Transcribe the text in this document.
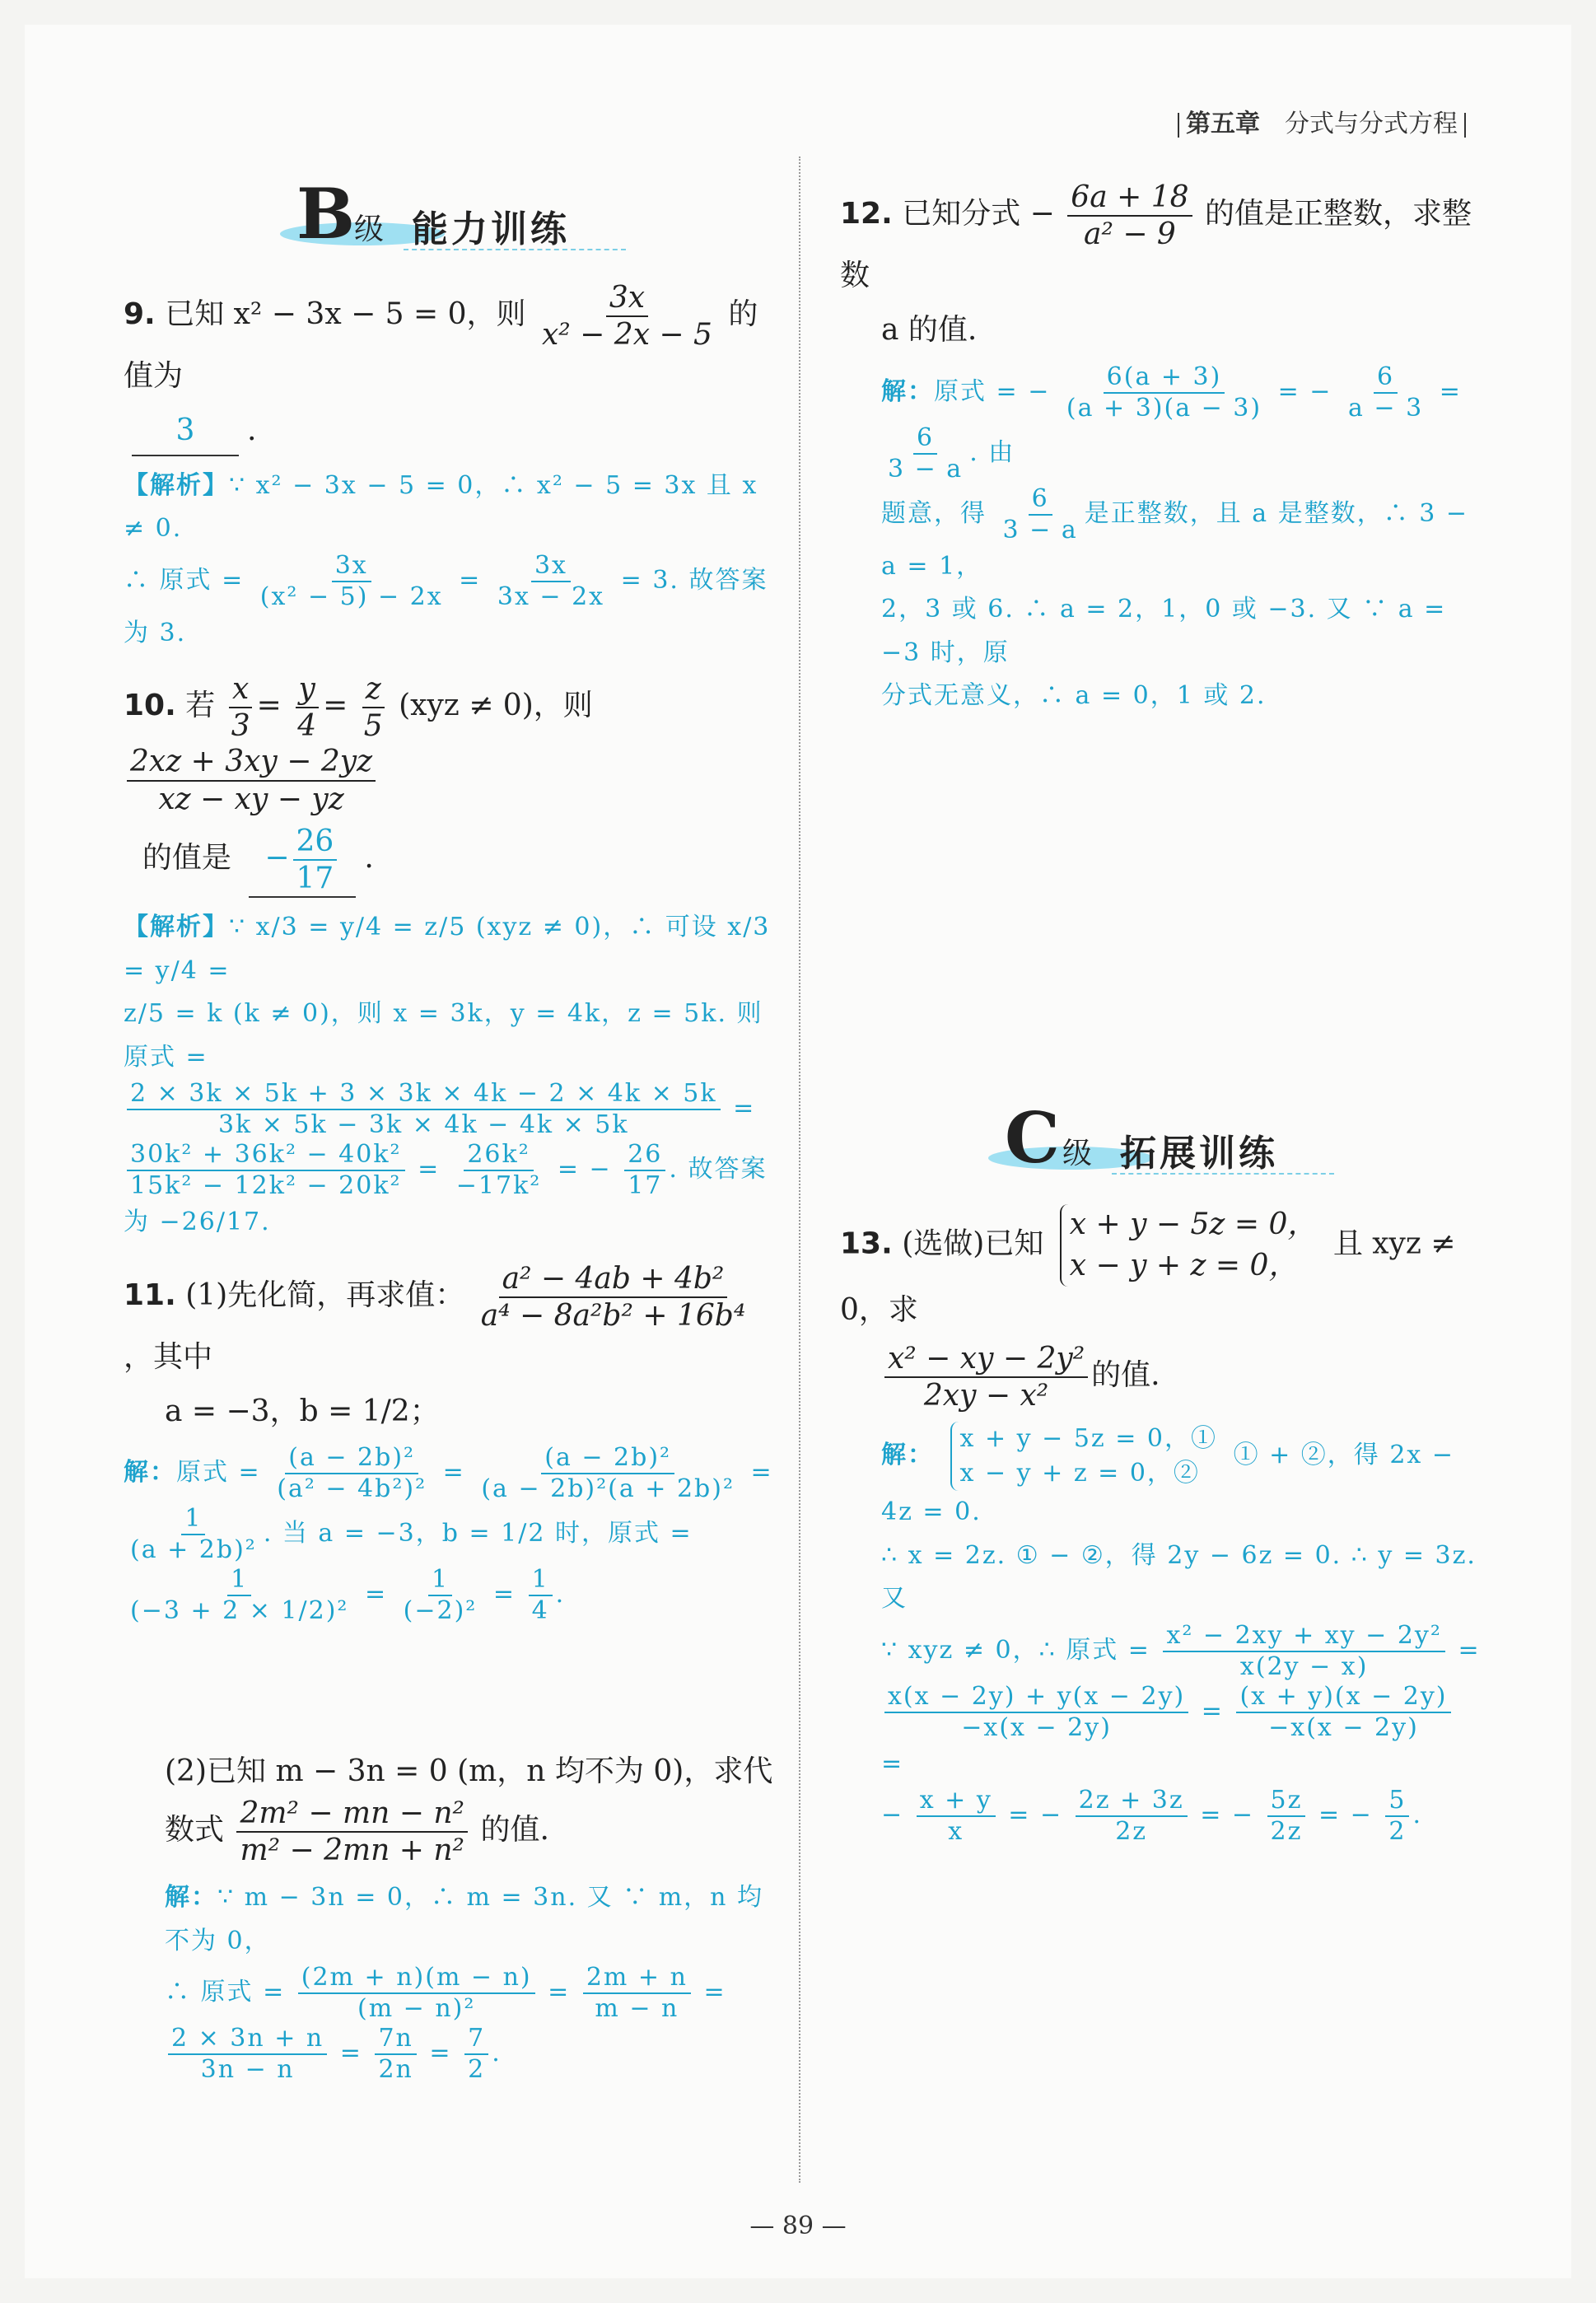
第五章 分式与分式方程
B 级 能力训练
9. 已知 x² − 3x − 5 = 0，则 $\frac{3x}{\text{x² − 2x − 5}}$ 的值为
3 .
【解析】∵ x² − 3x − 5 = 0，∴ x² − 5 = 3x 且 x ≠ 0.
∴ 原式 = $\frac{3x}{\text{(x² − 5) − 2x}} = \frac{3x}{3x - 2x} = 3$. 故答案为 3.
10. 若 $\frac{x}{3} = \frac{y}{4} = \frac{z}{5} (xyz \ne 0)$，则
$\frac{2xz + 3xy - 2yz}{xz - xy - yz}$
的值是 − $\frac{26}{17}$ .
【解析】∵ x/3 = y/4 = z/5 (xyz ≠ 0)，∴ 可设 x/3 = y/4 =
z/5 = k (k ≠ 0)，则 x = 3k，y = 4k，z = 5k. 则原式 =
$\frac{2 \times 3k \times 5k + 3 \times 3k \times 4k - 2 \times 4k \times 5k}{3k \times 5k - 3k \times 4k - 4k \times 5k}$ =
$\frac{\text{30k² + 36k² − 40k²}}{\text{15k² − 12k² − 20k²}} = \frac{\text{26k²}}{\text{−17k²}}$ = − $\frac{26}{17}$ . 故答案
为 −26/17.
11. (1)先化简，再求值： $\frac{\text{a² − 4ab + 4b²}}{\text{a⁴ − 8a²b² + 16b⁴}}$
，其中
a = −3，b = 1/2；
解：原式 = $\frac{\text{(a − 2b)²}}{\text{(a² − 4b²)²}} = \frac{\text{(a − 2b)²}}{\text{(a − 2b)²(a + 2b)²}}$ =
$\frac{1}{\text{(a + 2b)²}}$ . 当 a = −3，b = 1/2 时，原式 =
$\frac{1}{\text{(−3 + 2 × 1/2)²}} = \frac{1}{\text{(−2)²}} = \frac{1}{4}$ .
(2)已知 m − 3n = 0 (m，n 均不为 0)，求代
数式 $\frac{\text{2m² − mn − n²}}{\text{m² − 2mn + n²}}$ 的值.
解：∵ m − 3n = 0，∴ m = 3n. 又 ∵ m，n 均不为 0，
∴ 原式 = $\frac{(2m + n)(m - n)}{\text{(m − n)²}} = \frac{2m + n}{m - n}$ =
$\frac{2 \times 3n + n}{3n - n} = \frac{7n}{2n} = \frac{7}{2}$ .
12. 已知分式 − $\frac{6a + 18}{\text{a² − 9}}$ 的值是正整数，求整数
a 的值.
解：原式 = − $\frac{6(a + 3)}{(a + 3)(a - 3)}$ = − $\frac{6}{a - 3}$ =
$\frac{6}{3 - a}$ . 由
题意，得 $\frac{6}{3 - a}$ 是正整数，且 a 是整数，∴ 3 − a = 1，
2，3 或 6. ∴ a = 2，1，0 或 −3. 又 ∵ a = −3 时，原
分式无意义，∴ a = 0，1 或 2.
C 级 拓展训练
13. (选做)已知
x + y − 5z = 0，
x − y + z = 0，
且 xyz ≠ 0，求
$\frac{\text{x² − xy − 2y²}}{\text{2xy − x²}}$ 的值.
解：
x + y − 5z = 0，①
x − y + z = 0，②
① + ②，得 2x − 4z = 0.
∴ x = 2z. ① − ②，得 2y − 6z = 0. ∴ y = 3z. 又
∵ xyz ≠ 0，∴ 原式 = $\frac{\text{x² − 2xy + xy − 2y²}}{x(2y - x)}$ =
$\frac{x(x - 2y) + y(x - 2y)}{-x(x - 2y)} = \frac{(x + y)(x - 2y)}{-x(x - 2y)}$
=
− $\frac{x + y}{x}$ = − $\frac{2z + 3z}{2z}$ = − $\frac{5z}{2z}$ = − $\frac{5}{2}$ .
— 89 —
